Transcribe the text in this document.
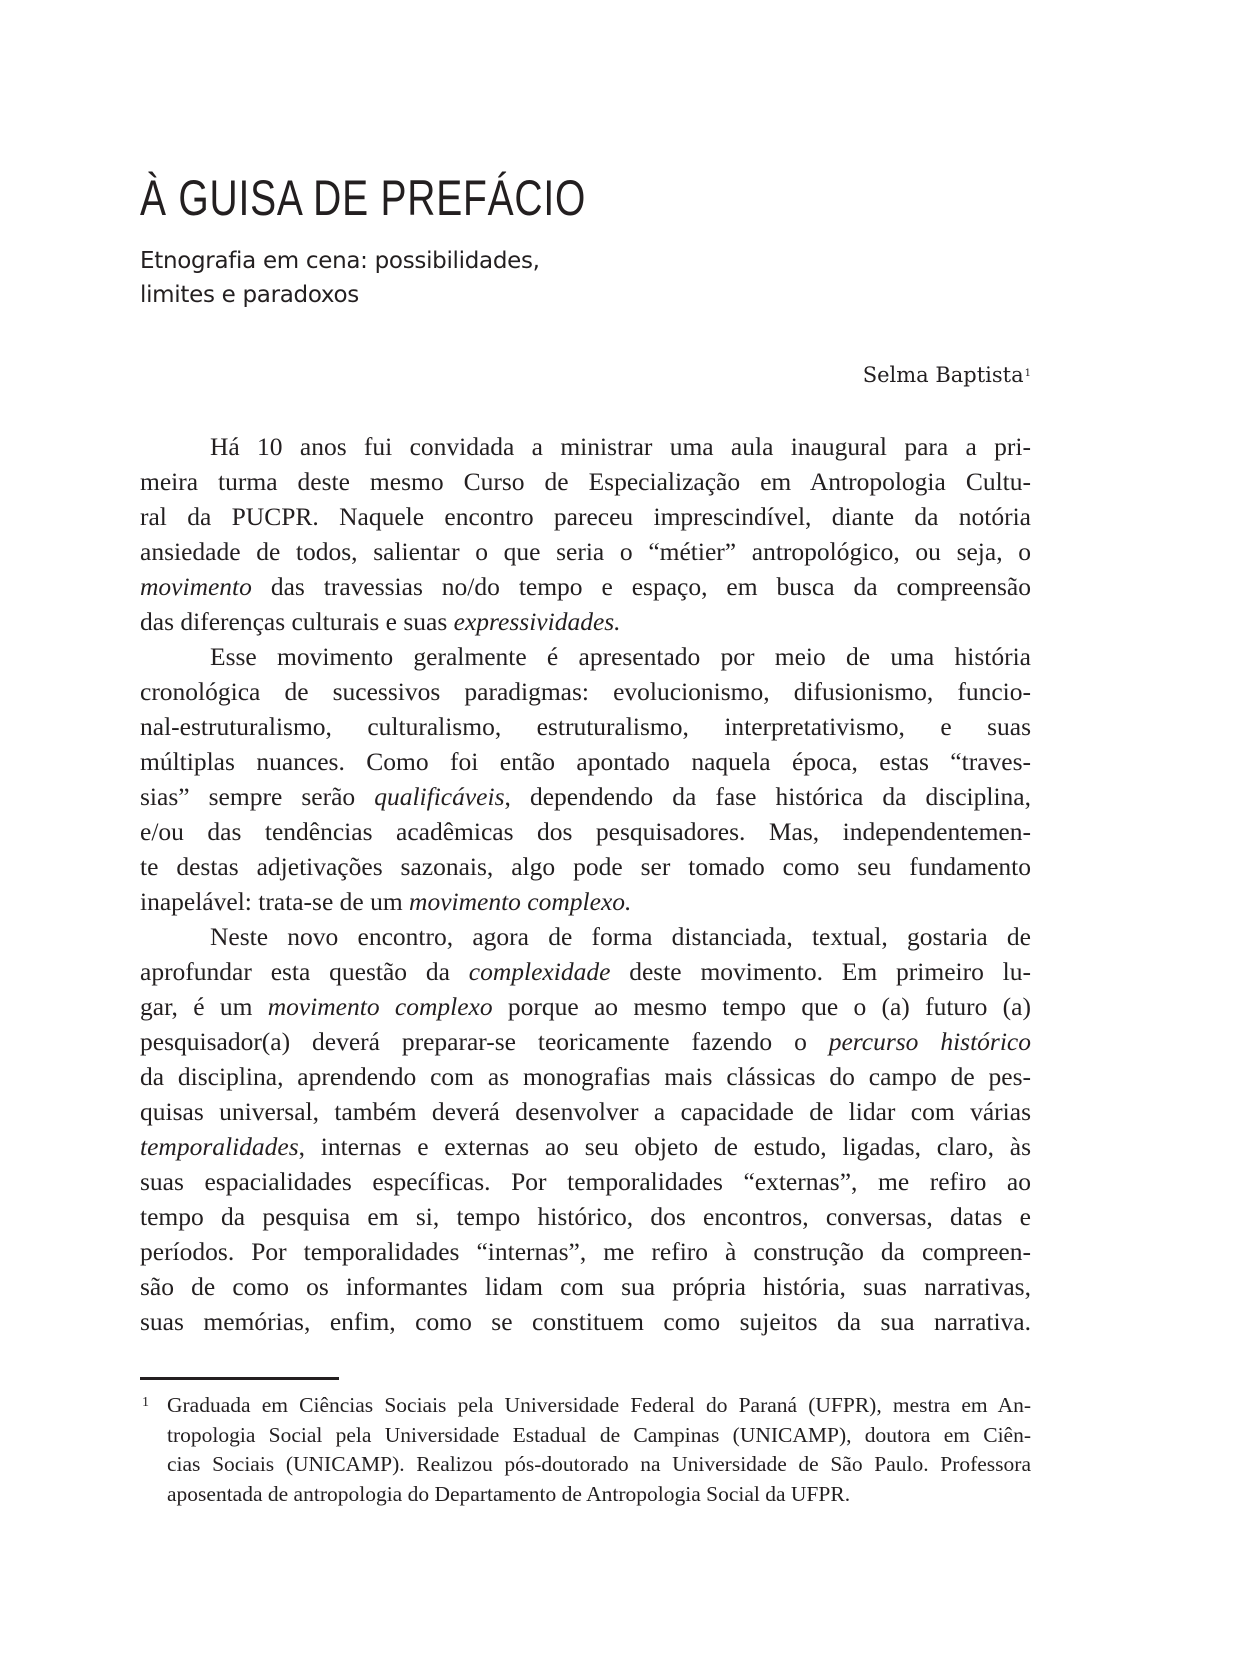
À GUISA DE PREFÁCIO
Etnografia em cena: possibilidades,
limites e paradoxos
Selma Baptista$^1$
Há 10 anos fui convidada a ministrar uma aula inaugural para a pri-
meira turma deste mesmo Curso de Especialização em Antropologia Cultu-
ral da PUCPR. Naquele encontro pareceu imprescindível, diante da notória
ansiedade de todos, salientar o que seria o “métier” antropológico, ou seja, o
movimento das travessias no/do tempo e espaço, em busca da compreensão
das diferenças culturais e suas expressividades.
Esse movimento geralmente é apresentado por meio de uma história
cronológica de sucessivos paradigmas: evolucionismo, difusionismo, funcio-
nal-estruturalismo, culturalismo, estruturalismo, interpretativismo, e suas
múltiplas nuances. Como foi então apontado naquela época, estas “traves-
sias” sempre serão qualificáveis, dependendo da fase histórica da disciplina,
e/ou das tendências acadêmicas dos pesquisadores. Mas, independentemen-
te destas adjetivações sazonais, algo pode ser tomado como seu fundamento
inapelável: trata-se de um movimento complexo.
Neste novo encontro, agora de forma distanciada, textual, gostaria de
aprofundar esta questão da complexidade deste movimento. Em primeiro lu-
gar, é um movimento complexo porque ao mesmo tempo que o (a) futuro (a)
pesquisador(a) deverá preparar-se teoricamente fazendo o percurso histórico
da disciplina, aprendendo com as monografias mais clássicas do campo de pes-
quisas universal, também deverá desenvolver a capacidade de lidar com várias
temporalidades, internas e externas ao seu objeto de estudo, ligadas, claro, às
suas espacialidades específicas. Por temporalidades “externas”, me refiro ao
tempo da pesquisa em si, tempo histórico, dos encontros, conversas, datas e
períodos. Por temporalidades “internas”, me refiro à construção da compreen-
são de como os informantes lidam com sua própria história, suas narrativas,
suas memórias, enfim, como se constituem como sujeitos da sua narrativa.
1 Graduada em Ciências Sociais pela Universidade Federal do Paraná (UFPR), mestra em An-
tropologia Social pela Universidade Estadual de Campinas (UNICAMP), doutora em Ciên-
cias Sociais (UNICAMP). Realizou pós-doutorado na Universidade de São Paulo. Professora
aposentada de antropologia do Departamento de Antropologia Social da UFPR.
